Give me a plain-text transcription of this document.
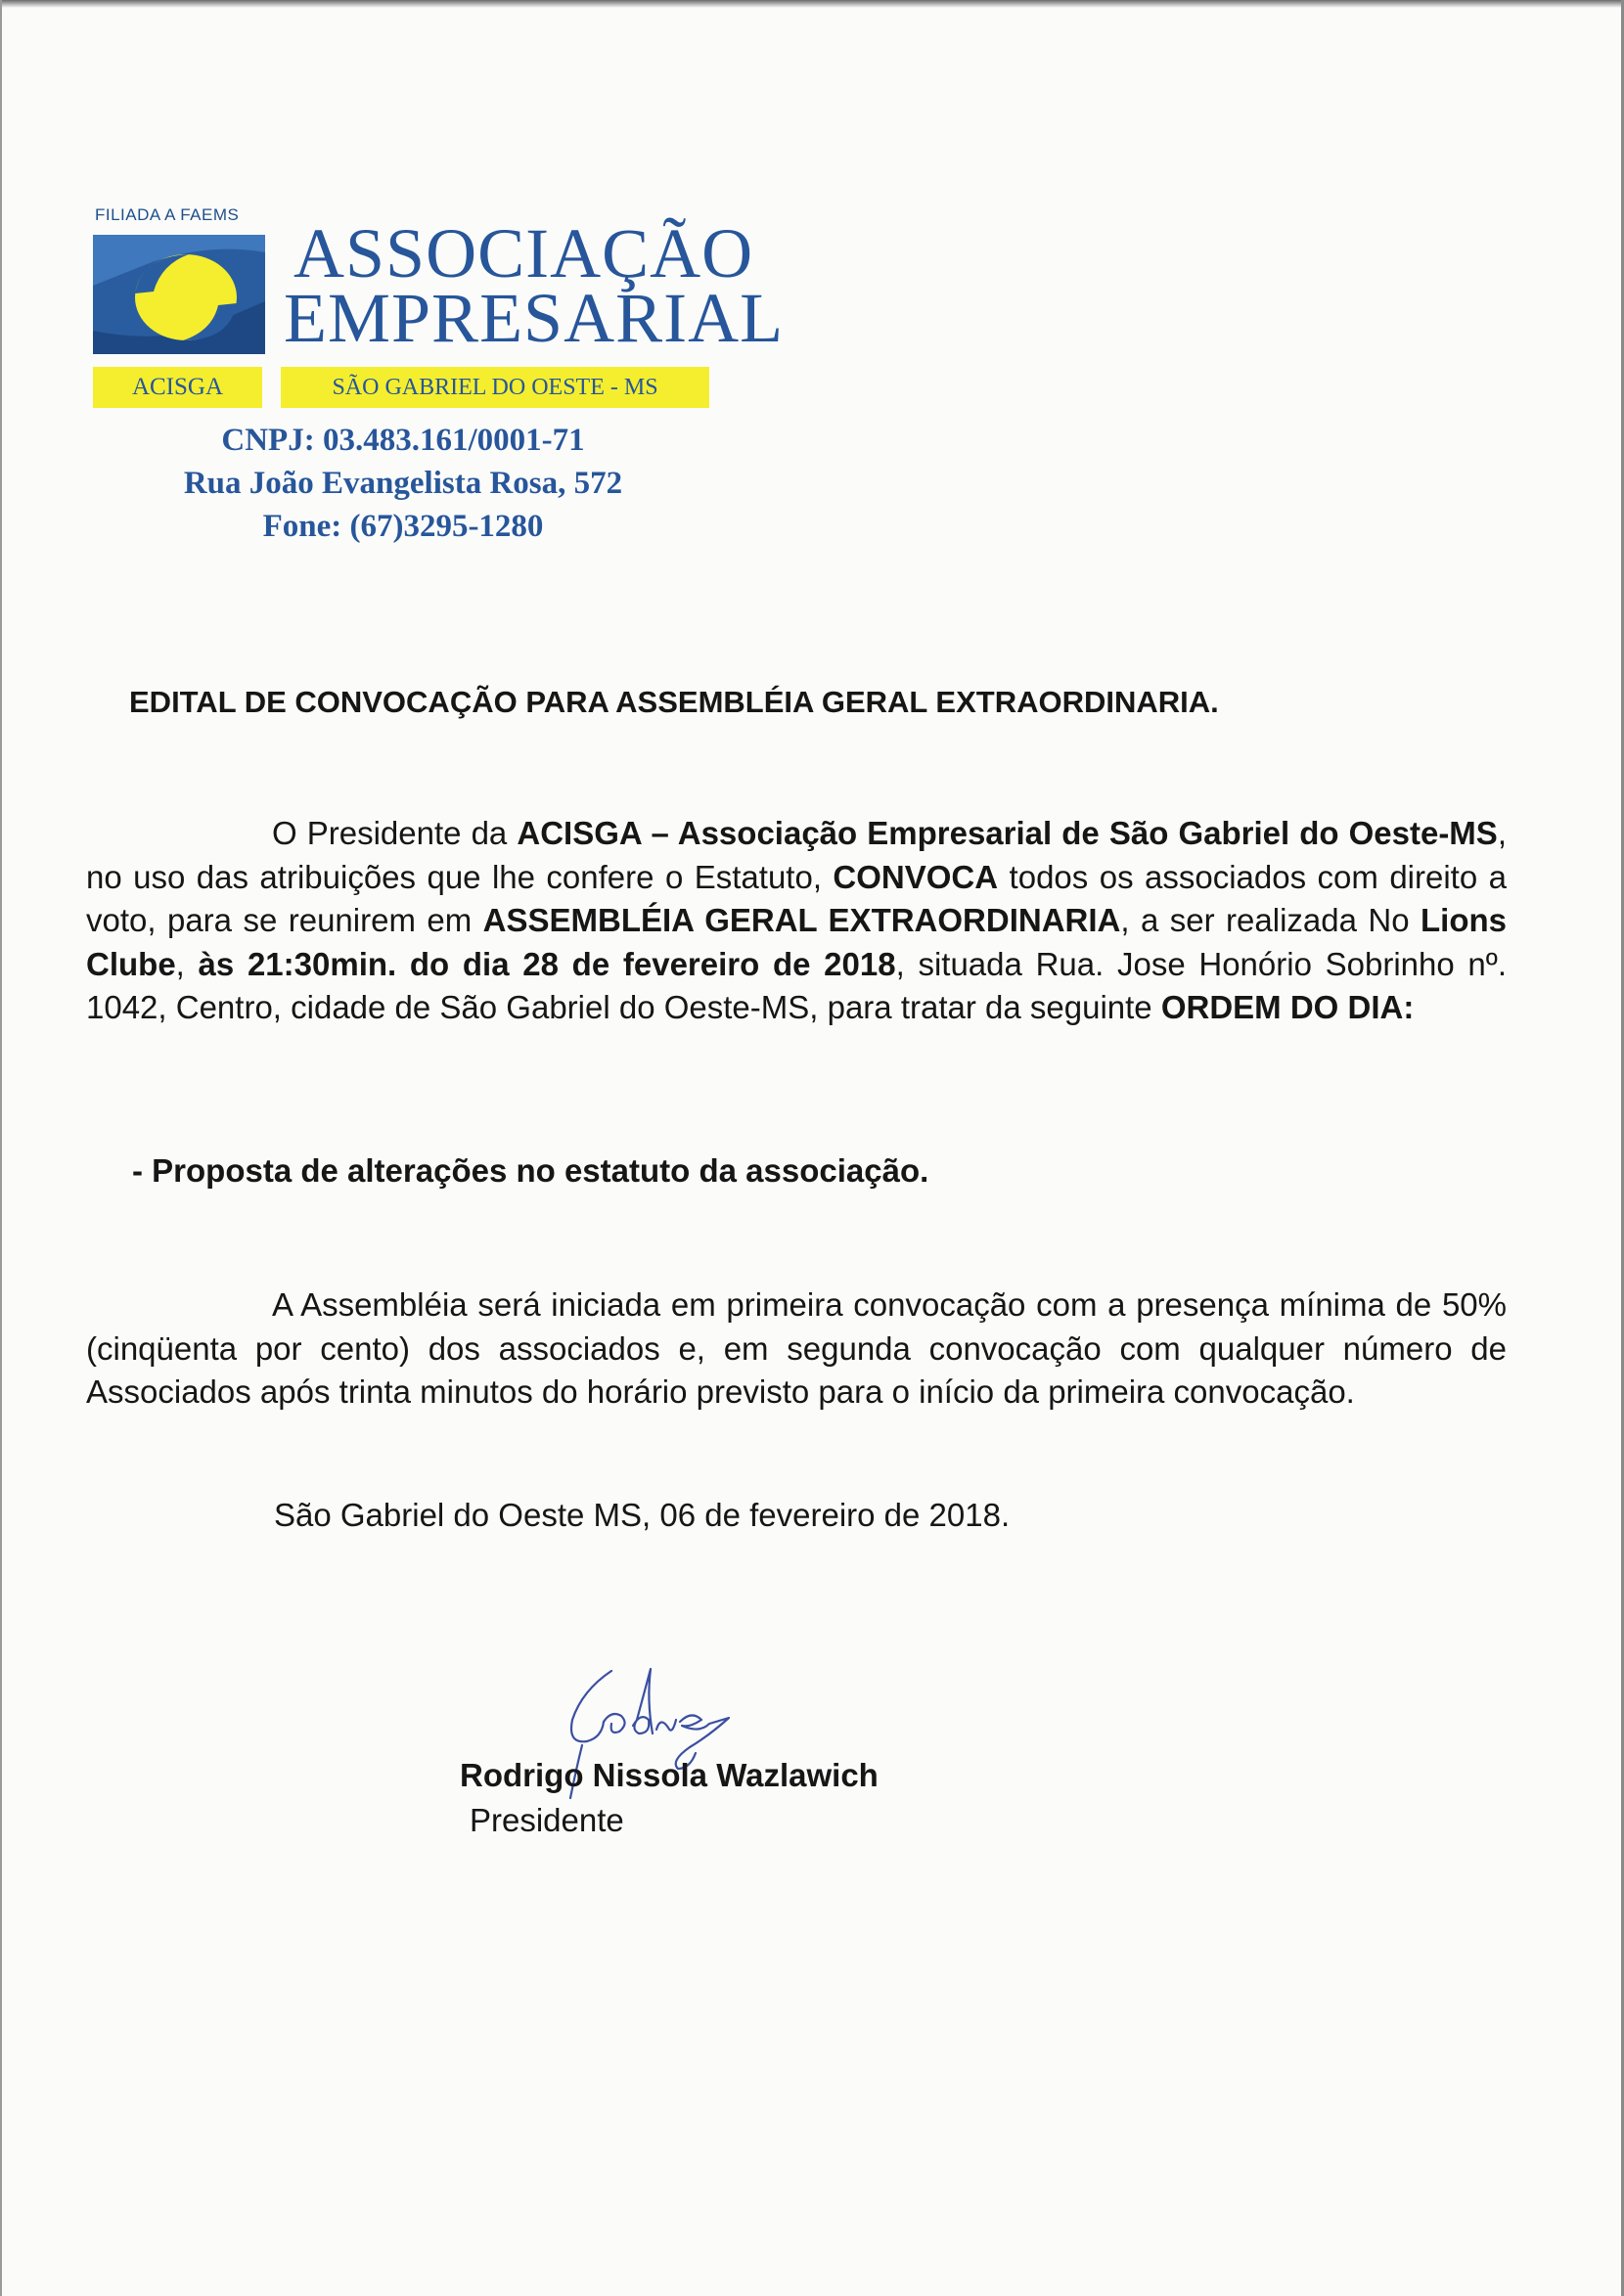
FILIADA A FAEMS ASSOCIAÇÃO
EMPRESARIAL
ACISGA	SÃO GABRIEL DO OESTE - MS
CNPJ: 03.483.161/0001-71
Rua João Evangelista Rosa, 572
Fone: (67)3295-1280
EDITAL DE CONVOCAÇÃO PARA ASSEMBLÉIA GERAL EXTRAORDINARIA.

O Presidente da ACISGA – Associação Empresarial de São Gabriel do Oeste-MS, no uso das atribuições que lhe confere o Estatuto, CONVOCA todos os associados com direito a voto, para se reunirem em ASSEMBLÉIA GERAL EXTRAORDINARIA, a ser realizada No Lions Clube, às 21:30min. do dia 28 de fevereiro de 2018, situada Rua. Jose Honório Sobrinho nº. 1042, Centro, cidade de São Gabriel do Oeste-MS, para tratar da seguinte ORDEM DO DIA:

- Proposta de alterações no estatuto da associação.

A Assembléia será iniciada em primeira convocação com a presença mínima de 50% (cinqüenta por cento) dos associados e, em segunda convocação com qualquer número de Associados após trinta minutos do horário previsto para o início da primeira convocação.

São Gabriel do Oeste MS, 06 de fevereiro de 2018.
Rodrigo Nissola Wazlawich
Presidente
